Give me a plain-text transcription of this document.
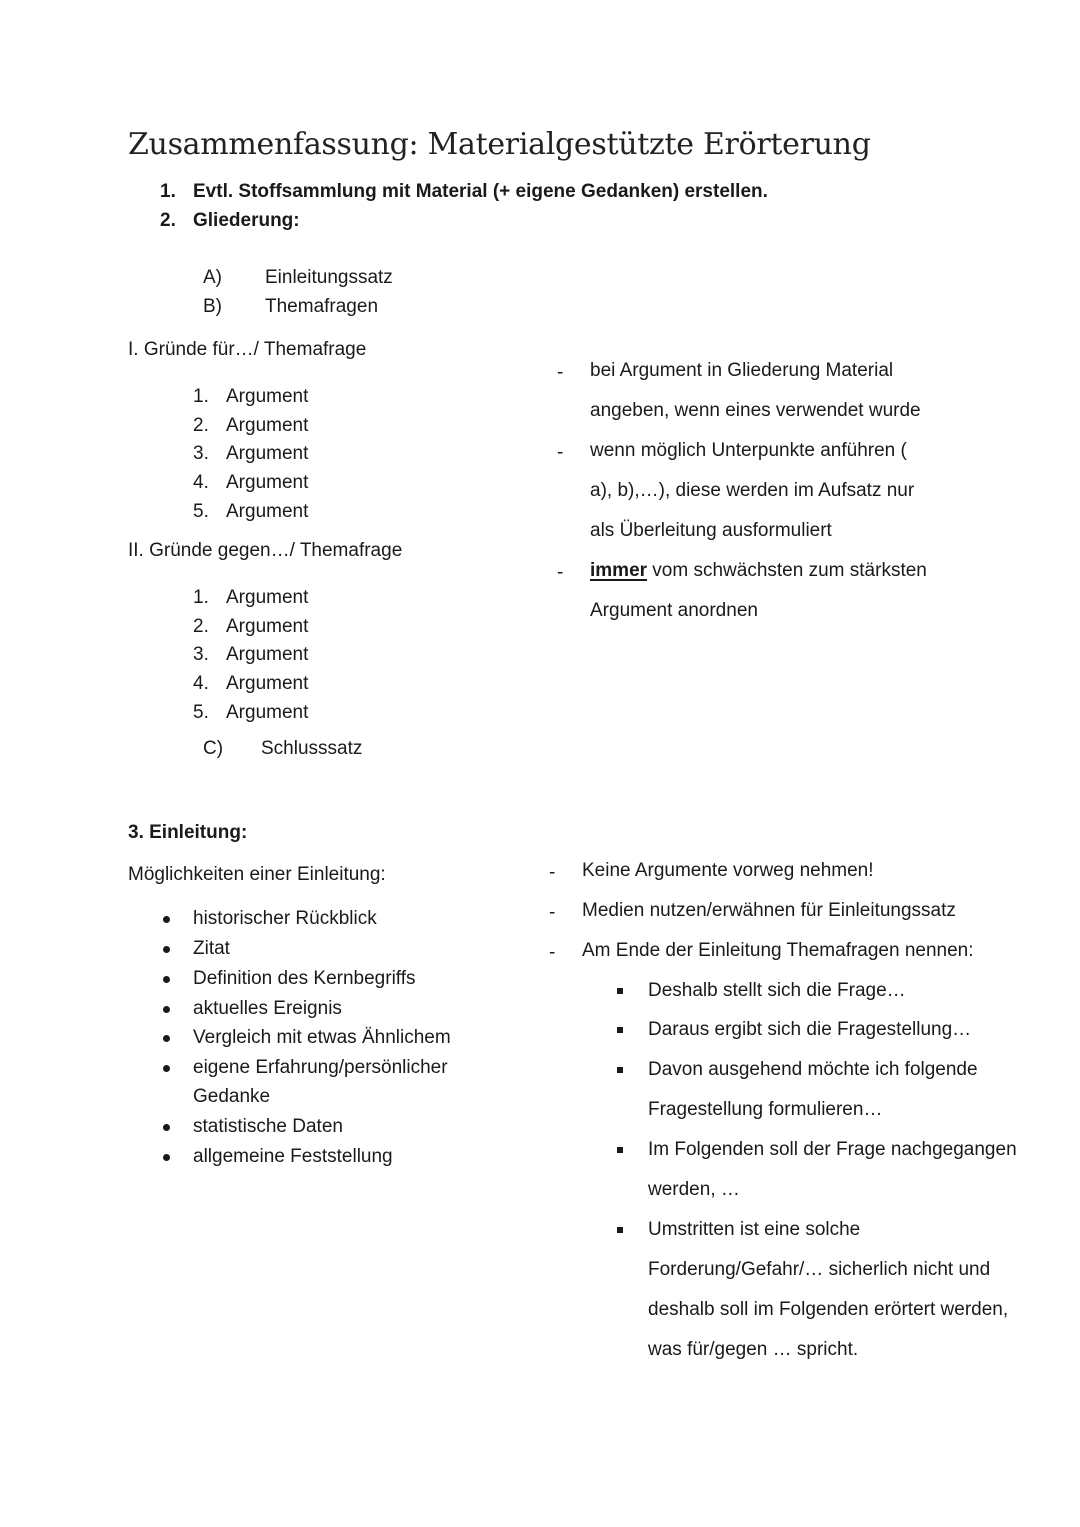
Zusammenfassung: Materialgestützte Erörterung
1. Evtl. Stoffsammlung mit Material (+ eigene Gedanken) erstellen.
2. Gliederung:
A) Einleitungssatz
B) Themafragen
I. Gründe für…/ Themafrage
1. Argument
2. Argument
3. Argument
4. Argument
5. Argument
II. Gründe gegen…/ Themafrage
1. Argument
2. Argument
3. Argument
4. Argument
5. Argument
C) Schlusssatz
- bei Argument in Gliederung Material
angeben, wenn eines verwendet wurde
- wenn möglich Unterpunkte anführen (
a), b),…), diese werden im Aufsatz nur
als Überleitung ausformuliert
- immer vom schwächsten zum stärksten
Argument anordnen
3. Einleitung:
Möglichkeiten einer Einleitung:
historischer Rückblick
Zitat
Definition des Kernbegriffs
aktuelles Ereignis
Vergleich mit etwas Ähnlichem
eigene Erfahrung/persönlicher
Gedanke
statistische Daten
allgemeine Feststellung
- Keine Argumente vorweg nehmen!
- Medien nutzen/erwähnen für Einleitungssatz
- Am Ende der Einleitung Themafragen nennen:
Deshalb stellt sich die Frage…
Daraus ergibt sich die Fragestellung…
Davon ausgehend möchte ich folgende
Fragestellung formulieren…
Im Folgenden soll der Frage nachgegangen
werden, …
Umstritten ist eine solche
Forderung/Gefahr/… sicherlich nicht und
deshalb soll im Folgenden erörtert werden,
was für/gegen … spricht.
